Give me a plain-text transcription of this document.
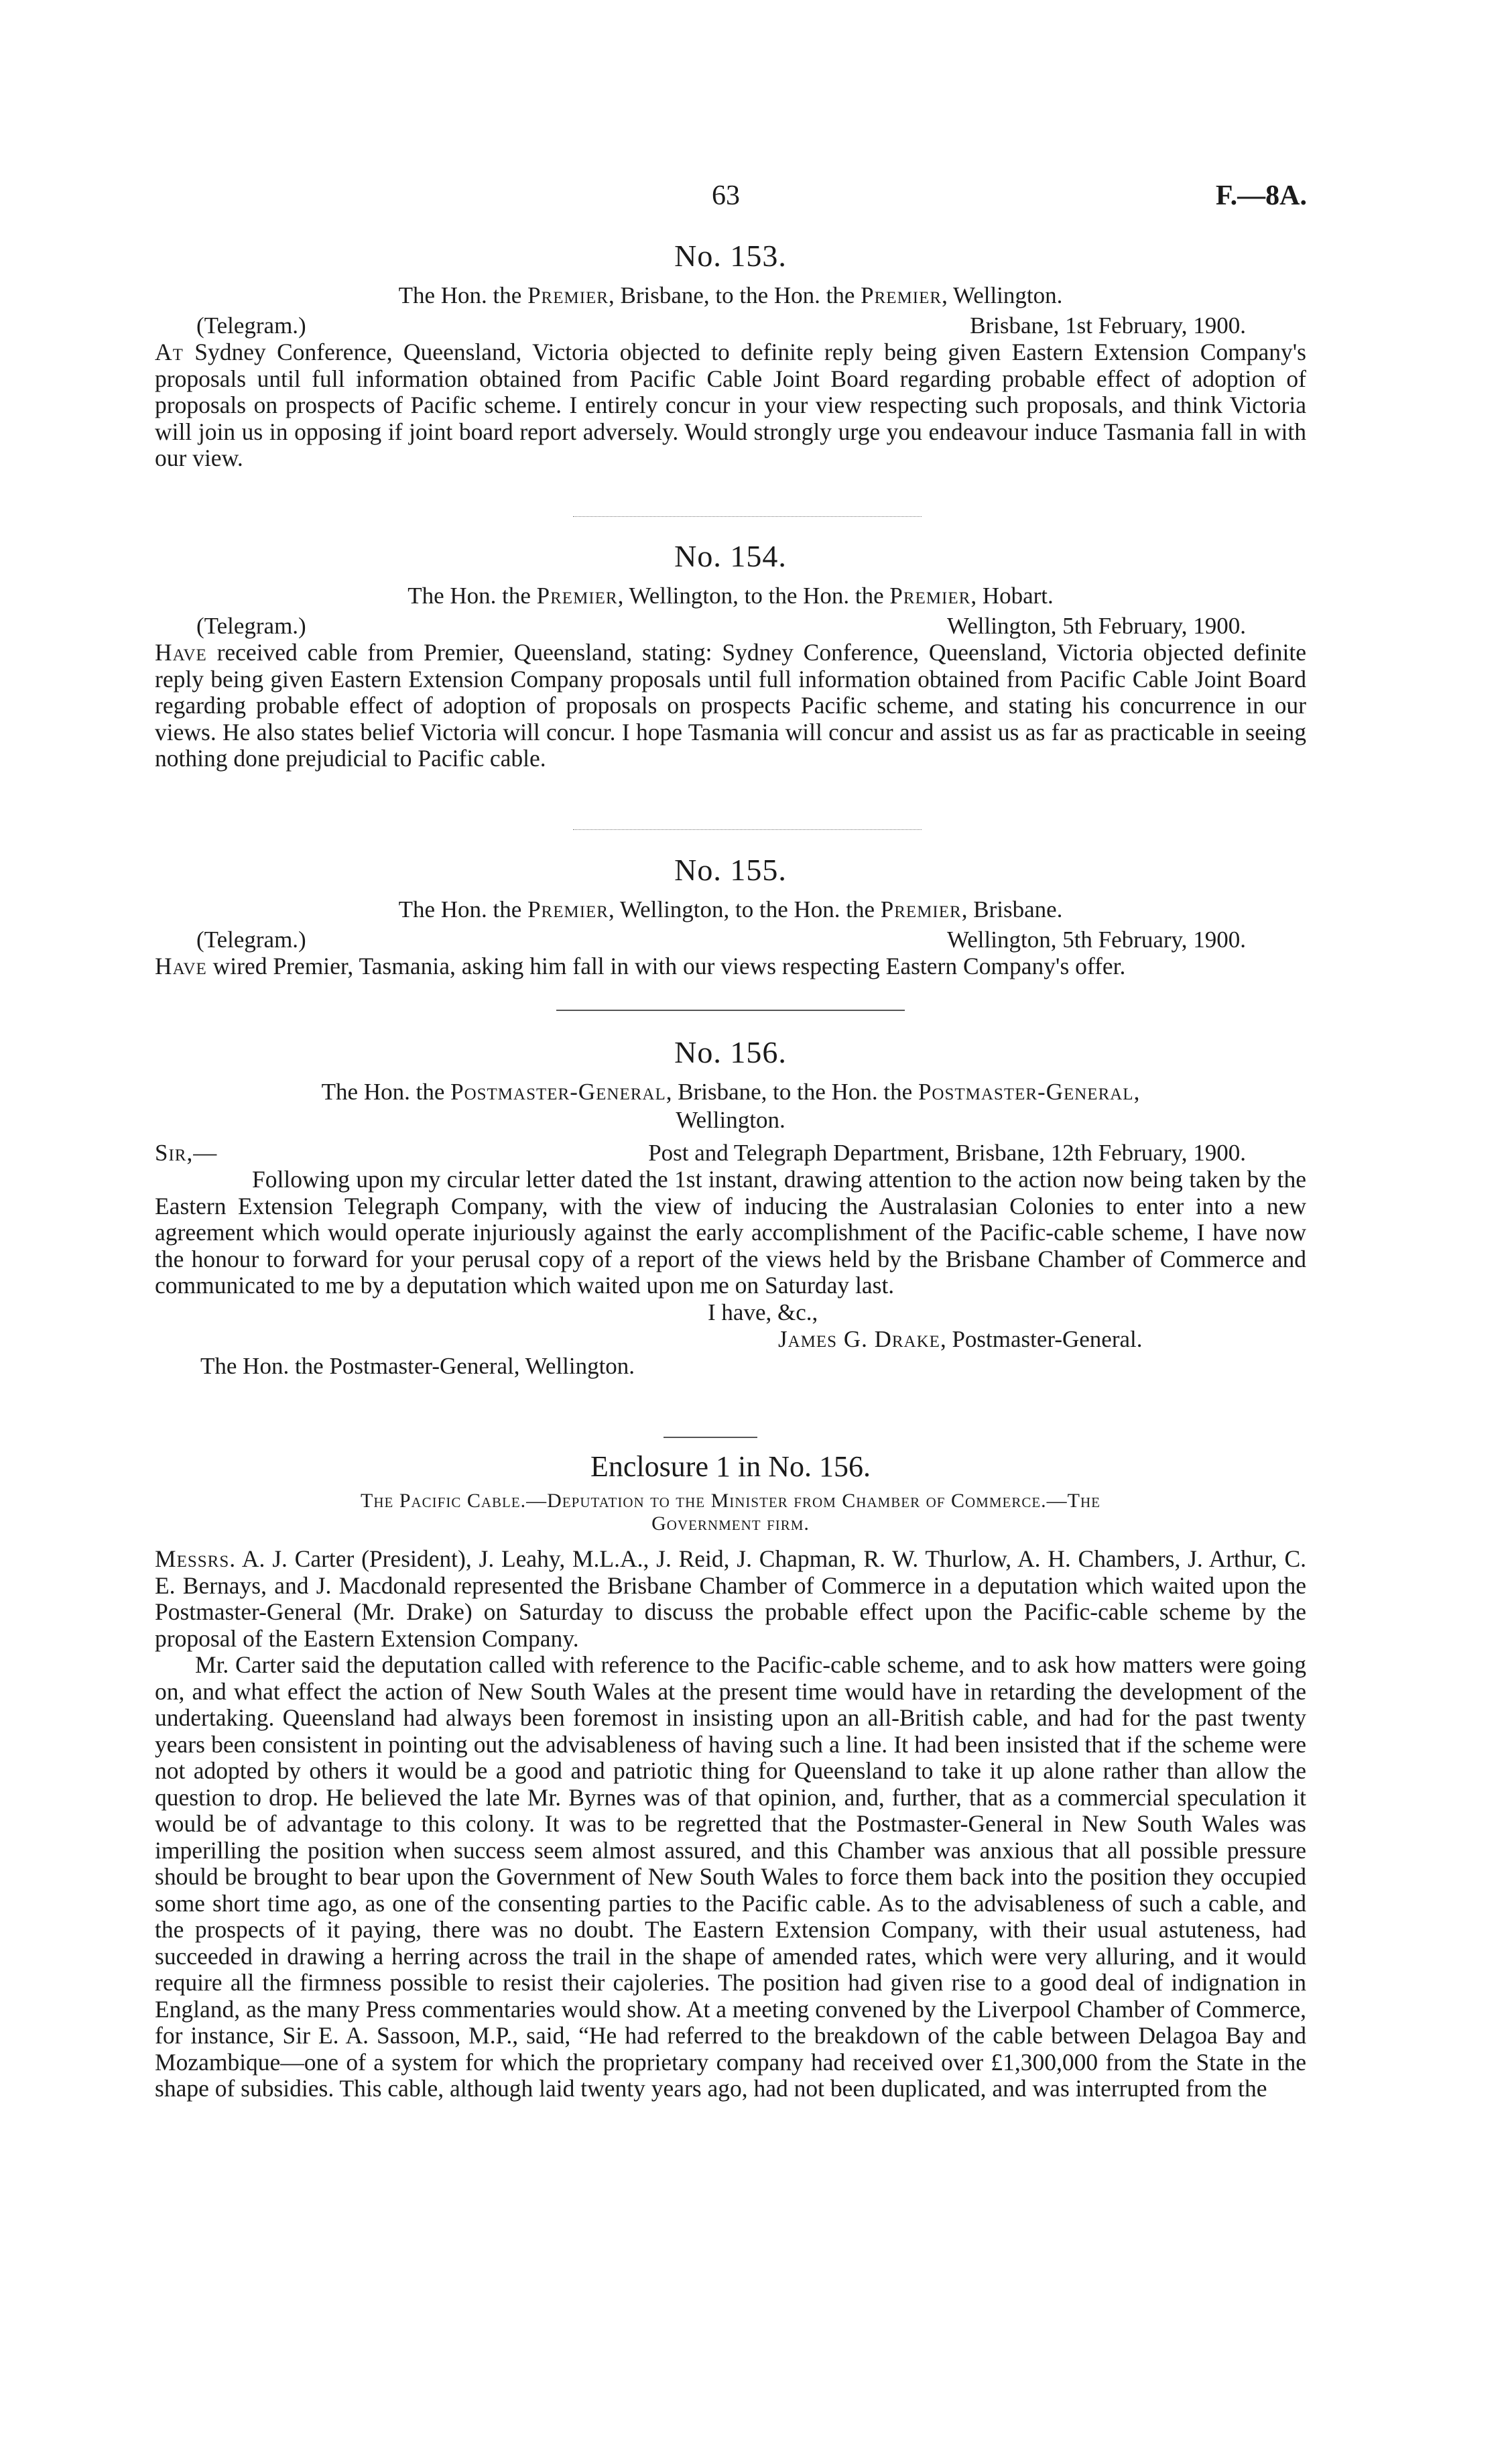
63	F.—8A.
No. 153.
The Hon. the Premier, Brisbane, to the Hon. the Premier, Wellington.
(Telegram.)	Brisbane, 1st February, 1900.

At Sydney Conference, Queensland, Victoria objected to definite reply being given Eastern Extension Company's proposals until full information obtained from Pacific Cable Joint Board regarding probable effect of adoption of proposals on prospects of Pacific scheme. I entirely concur in your view respecting such proposals, and think Victoria will join us in opposing if joint board report adversely. Would strongly urge you endeavour induce Tasmania fall in with our view.

No. 154.
The Hon. the Premier, Wellington, to the Hon. the Premier, Hobart.
(Telegram.)	Wellington, 5th February, 1900.

Have received cable from Premier, Queensland, stating: Sydney Conference, Queensland, Victoria objected definite reply being given Eastern Extension Company proposals until full information obtained from Pacific Cable Joint Board regarding probable effect of adoption of proposals on prospects Pacific scheme, and stating his concurrence in our views. He also states belief Victoria will concur. I hope Tasmania will concur and assist us as far as practicable in seeing nothing done prejudicial to Pacific cable.

No. 155.
The Hon. the Premier, Wellington, to the Hon. the Premier, Brisbane.
(Telegram.)	Wellington, 5th February, 1900.

Have wired Premier, Tasmania, asking him fall in with our views respecting Eastern Company's offer.

No. 156.
The Hon. the Postmaster-General, Brisbane, to the Hon. the Postmaster-General,
Wellington.
Sir,—	Post and Telegraph Department, Brisbane, 12th February, 1900.

Following upon my circular letter dated the 1st instant, drawing attention to the action now being taken by the Eastern Extension Telegraph Company, with the view of inducing the Australasian Colonies to enter into a new agreement which would operate injuriously against the early accomplishment of the Pacific-cable scheme, I have now the honour to forward for your perusal copy of a report of the views held by the Brisbane Chamber of Commerce and communicated to me by a deputation which waited upon me on Saturday last.

I have, &c.,
James G. Drake, Postmaster-General.
The Hon. the Postmaster-General, Wellington.
Enclosure 1 in No. 156.
The Pacific Cable.—Deputation to the Minister from Chamber of Commerce.—The
Government firm.

Messrs. A. J. Carter (President), J. Leahy, M.L.A., J. Reid, J. Chapman, R. W. Thurlow, A. H. Chambers, J. Arthur, C. E. Bernays, and J. Macdonald represented the Brisbane Chamber of Commerce in a deputation which waited upon the Postmaster-General (Mr. Drake) on Saturday to discuss the probable effect upon the Pacific-cable scheme by the proposal of the Eastern Extension Company.

Mr. Carter said the deputation called with reference to the Pacific-cable scheme, and to ask how matters were going on, and what effect the action of New South Wales at the present time would have in retarding the development of the undertaking. Queensland had always been foremost in insisting upon an all-British cable, and had for the past twenty years been consistent in pointing out the advisableness of having such a line. It had been insisted that if the scheme were not adopted by others it would be a good and patriotic thing for Queensland to take it up alone rather than allow the question to drop. He believed the late Mr. Byrnes was of that opinion, and, further, that as a commercial speculation it would be of advantage to this colony. It was to be regretted that the Postmaster-General in New South Wales was imperilling the position when success seem almost assured, and this Chamber was anxious that all possible pressure should be brought to bear upon the Government of New South Wales to force them back into the position they occupied some short time ago, as one of the consenting parties to the Pacific cable. As to the advisableness of such a cable, and the prospects of it paying, there was no doubt. The Eastern Extension Company, with their usual astuteness, had succeeded in drawing a herring across the trail in the shape of amended rates, which were very alluring, and it would require all the firmness possible to resist their cajoleries. The position had given rise to a good deal of indignation in England, as the many Press commentaries would show. At a meeting convened by the Liverpool Chamber of Commerce, for instance, Sir E. A. Sassoon, M.P., said, “He had referred to the breakdown of the cable between Delagoa Bay and Mozambique—one of a system for which the proprietary company had received over £1,300,000 from the State in the shape of subsidies. This cable, although laid twenty years ago, had not been duplicated, and was interrupted from the
